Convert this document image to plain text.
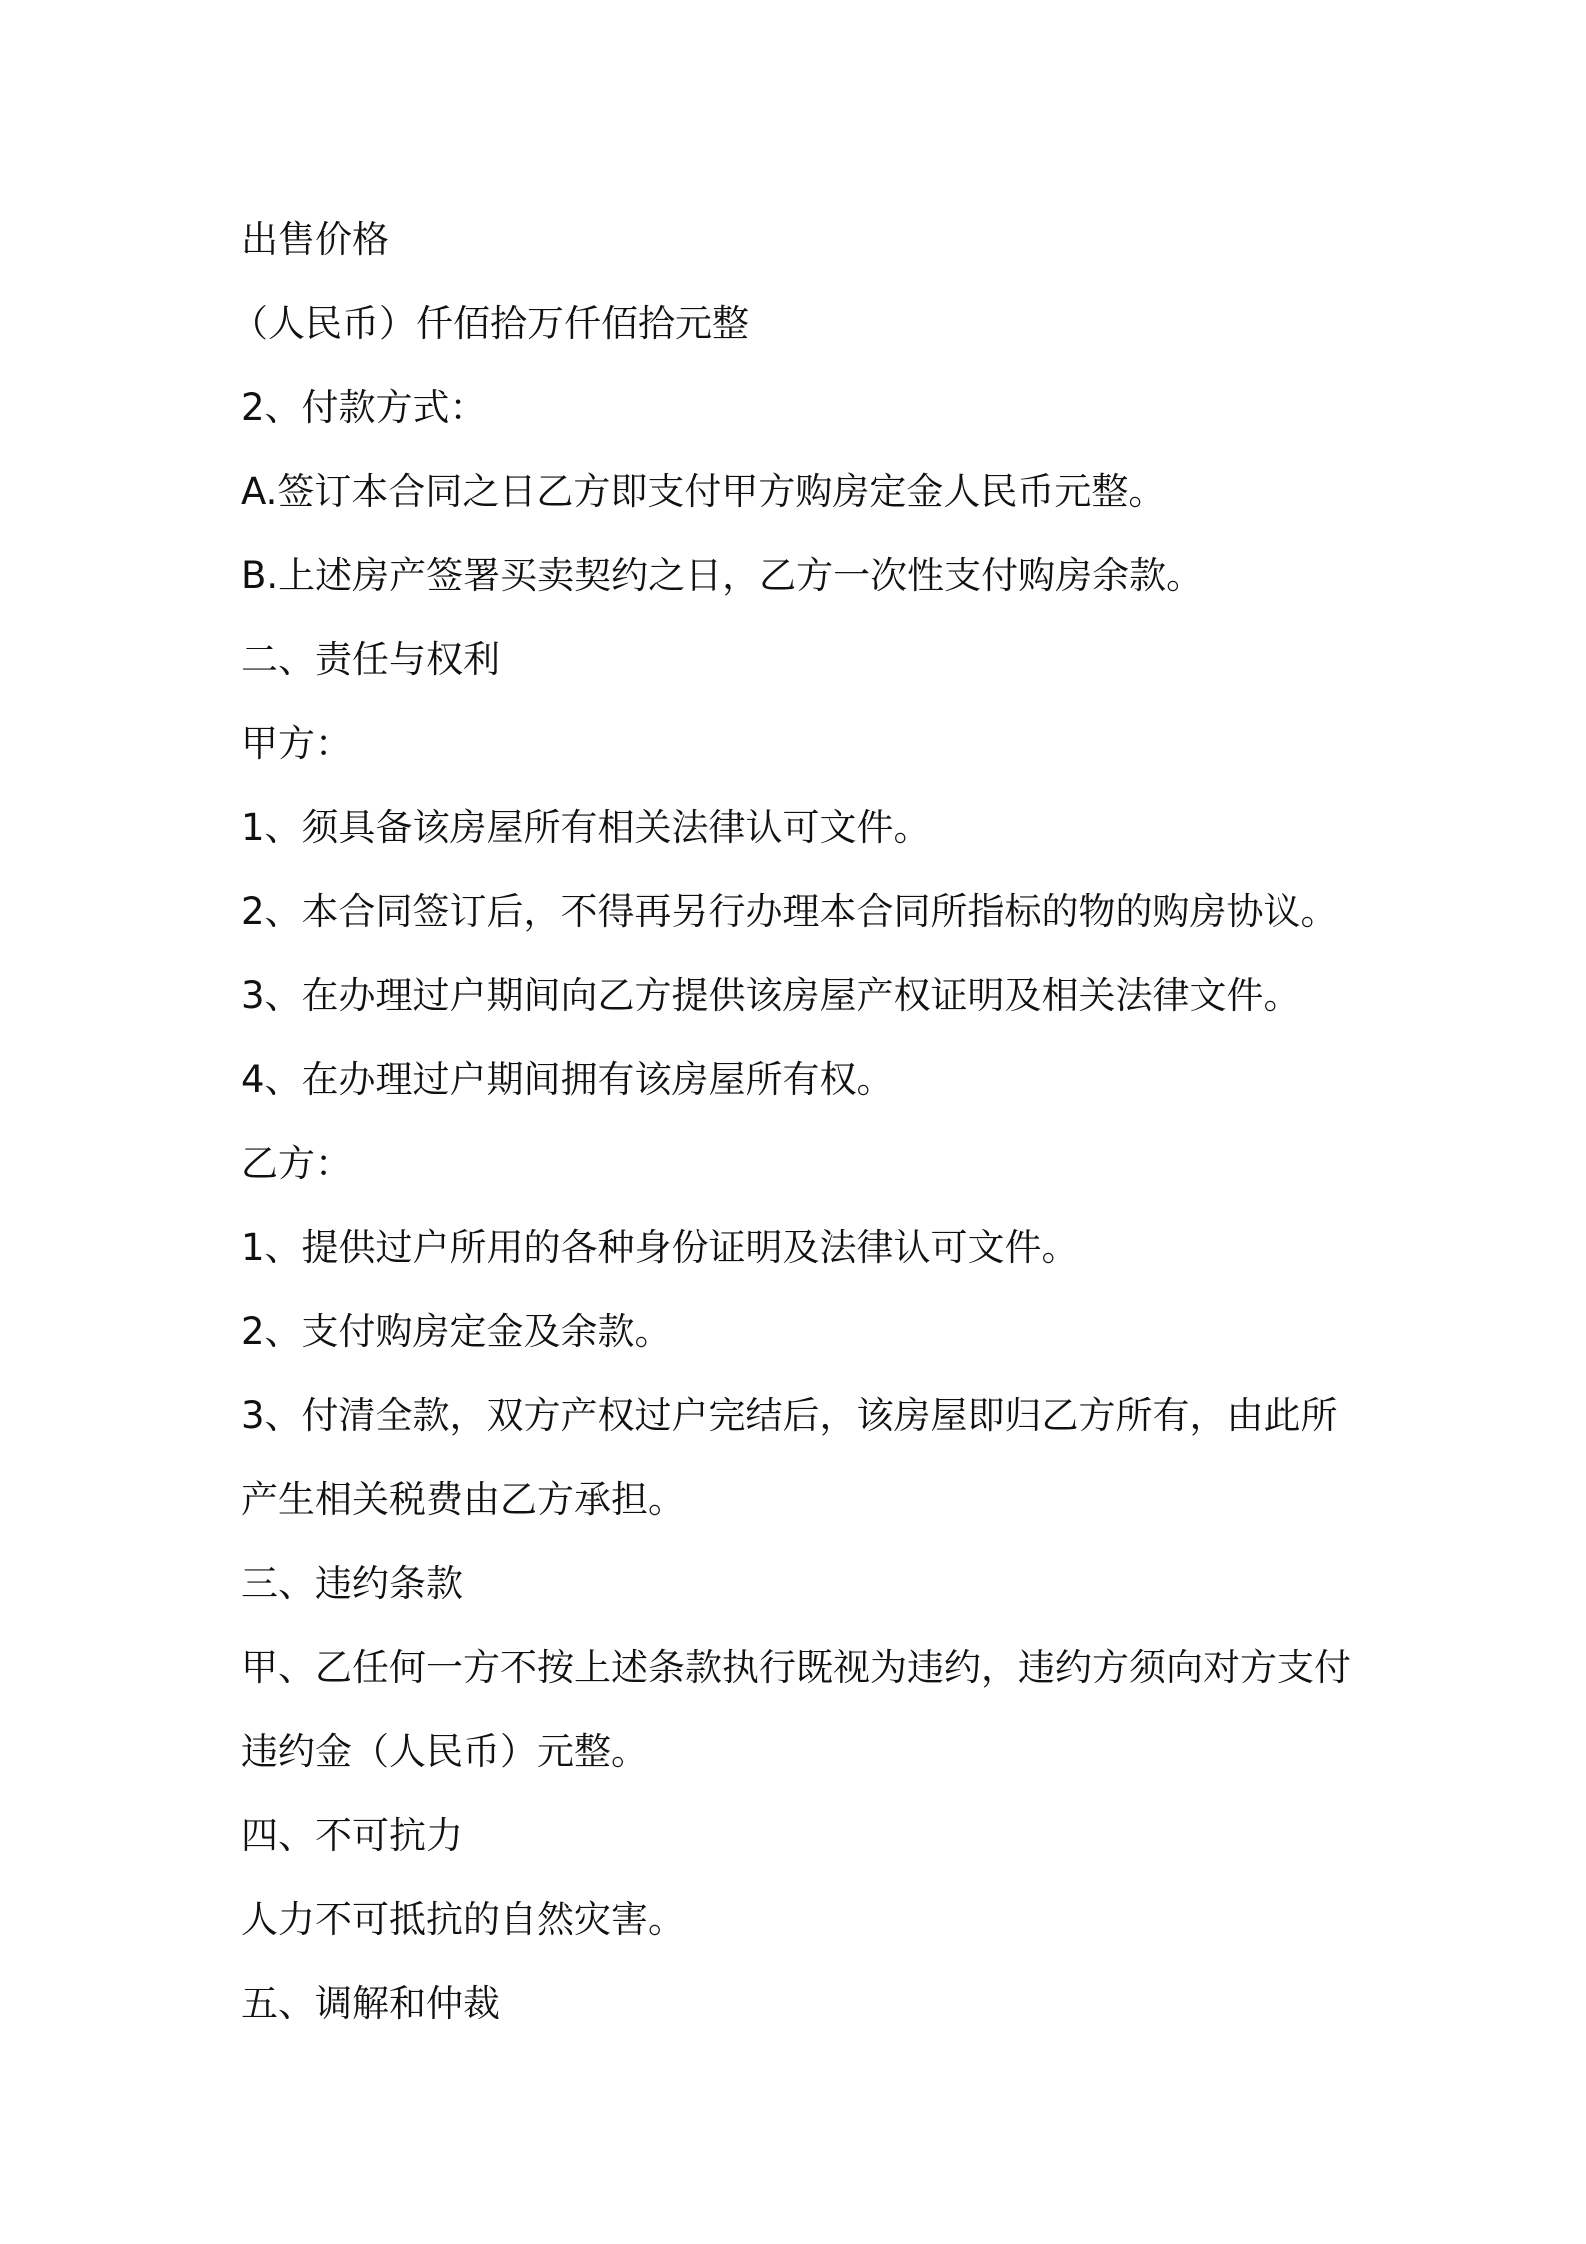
出售价格

（人民币）仟佰拾万仟佰拾元整

2、付款方式：

A.签订本合同之日乙方即支付甲方购房定金人民币元整。

B.上述房产签署买卖契约之日，乙方一次性支付购房余款。

二、责任与权利

甲方：

1、须具备该房屋所有相关法律认可文件。

2、本合同签订后，不得再另行办理本合同所指标的物的购房协议。

3、在办理过户期间向乙方提供该房屋产权证明及相关法律文件。

4、在办理过户期间拥有该房屋所有权。

乙方：

1、提供过户所用的各种身份证明及法律认可文件。

2、支付购房定金及余款。

3、付清全款，双方产权过户完结后，该房屋即归乙方所有，由此所

产生相关税费由乙方承担。

三、违约条款

甲、乙任何一方不按上述条款执行既视为违约，违约方须向对方支付

违约金（人民币）元整。

四、不可抗力

人力不可抵抗的自然灾害。

五、调解和仲裁
